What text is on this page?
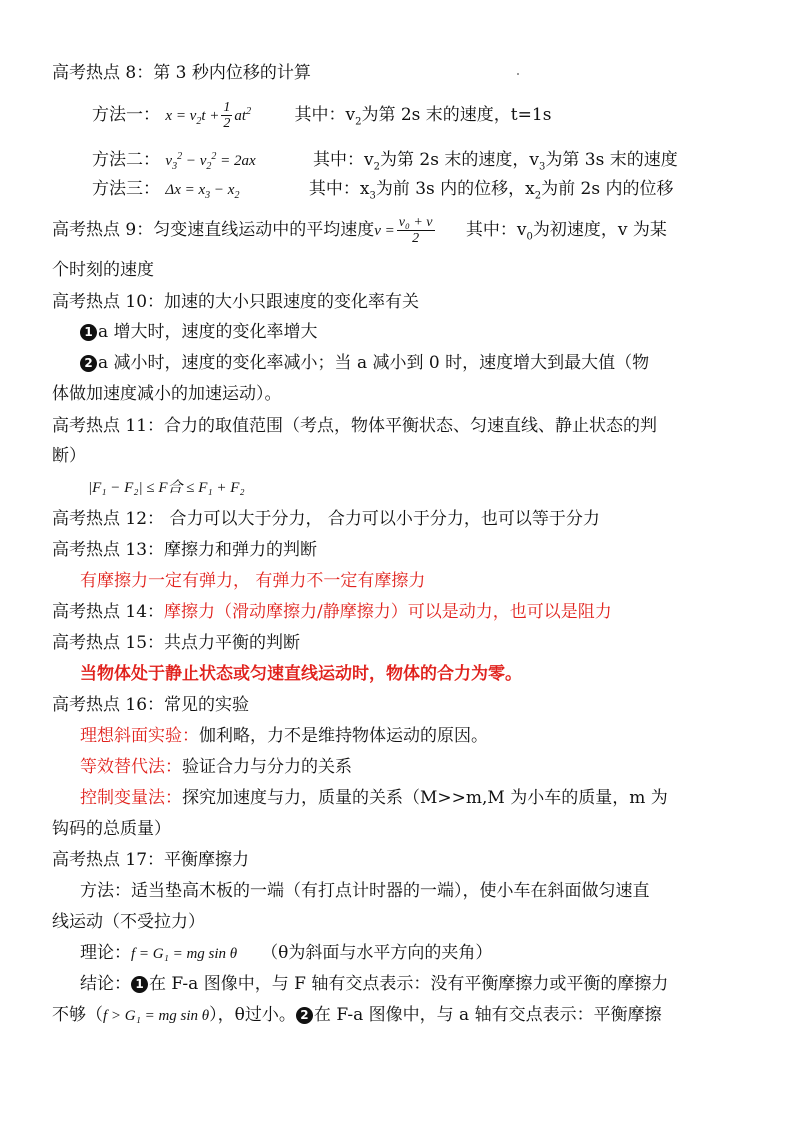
高考热点 8：第 3 秒内位移的计算
方法一： $x = v_2t + \frac{1}{2} at^2$	其中：$v_2$为第 2s 末的速度，t=1s
方法二： $v_3^2 - v_2^2 = 2ax$	其中：$v_2$为第 2s 末的速度，$v_3$为第 3s 末的速度
方法三： $\Delta x = x_3 - x_2$	其中：$x_3$为前 3s 内的位移，$x_2$为前 2s 内的位移
高考热点 9：匀变速直线运动中的平均速度$v = \frac{\text{v₀ + v}}{2}$ 其中：$v_0$为初速度，v 为某
个时刻的速度
高考热点 10：加速的大小只跟速度的变化率有关
1 a 增大时，速度的变化率增大
2 a 减小时，速度的变化率减小；当 a 减小到 0 时，速度增大到最大值（物
体做加速度减小的加速运动）。
高考热点 11：合力的取值范围（考点，物体平衡状态、匀速直线、静止状态的判
断）
|F₁ − F₂| ≤ F合 ≤ F₁ + F₂
高考热点 12： 合力可以大于分力， 合力可以小于分力，也可以等于分力
高考热点 13：摩擦力和弹力的判断
有摩擦力一定有弹力， 有弹力不一定有摩擦力
高考热点 14：摩擦力（滑动摩擦力/静摩擦力）可以是动力，也可以是阻力
高考热点 15：共点力平衡的判断
当物体处于静止状态或匀速直线运动时，物体的合力为零。
高考热点 16：常见的实验
理想斜面实验：伽利略，力不是维持物体运动的原因。
等效替代法：验证合力与分力的关系
控制变量法：探究加速度与力，质量的关系（M>>m,M 为小车的质量，m 为
钩码的总质量）
高考热点 17：平衡摩擦力
方法：适当垫高木板的一端（有打点计时器的一端），使小车在斜面做匀速直
线运动（不受拉力）
理论：f = G₁ = mg sin θ （θ为斜面与水平方向的夹角）
结论： 1 在 F-a 图像中，与 F 轴有交点表示：没有平衡摩擦力或平衡的摩擦力
不够（f > G₁ = mg sin θ），θ过小。 2 在 F-a 图像中，与 a 轴有交点表示：平衡摩擦
